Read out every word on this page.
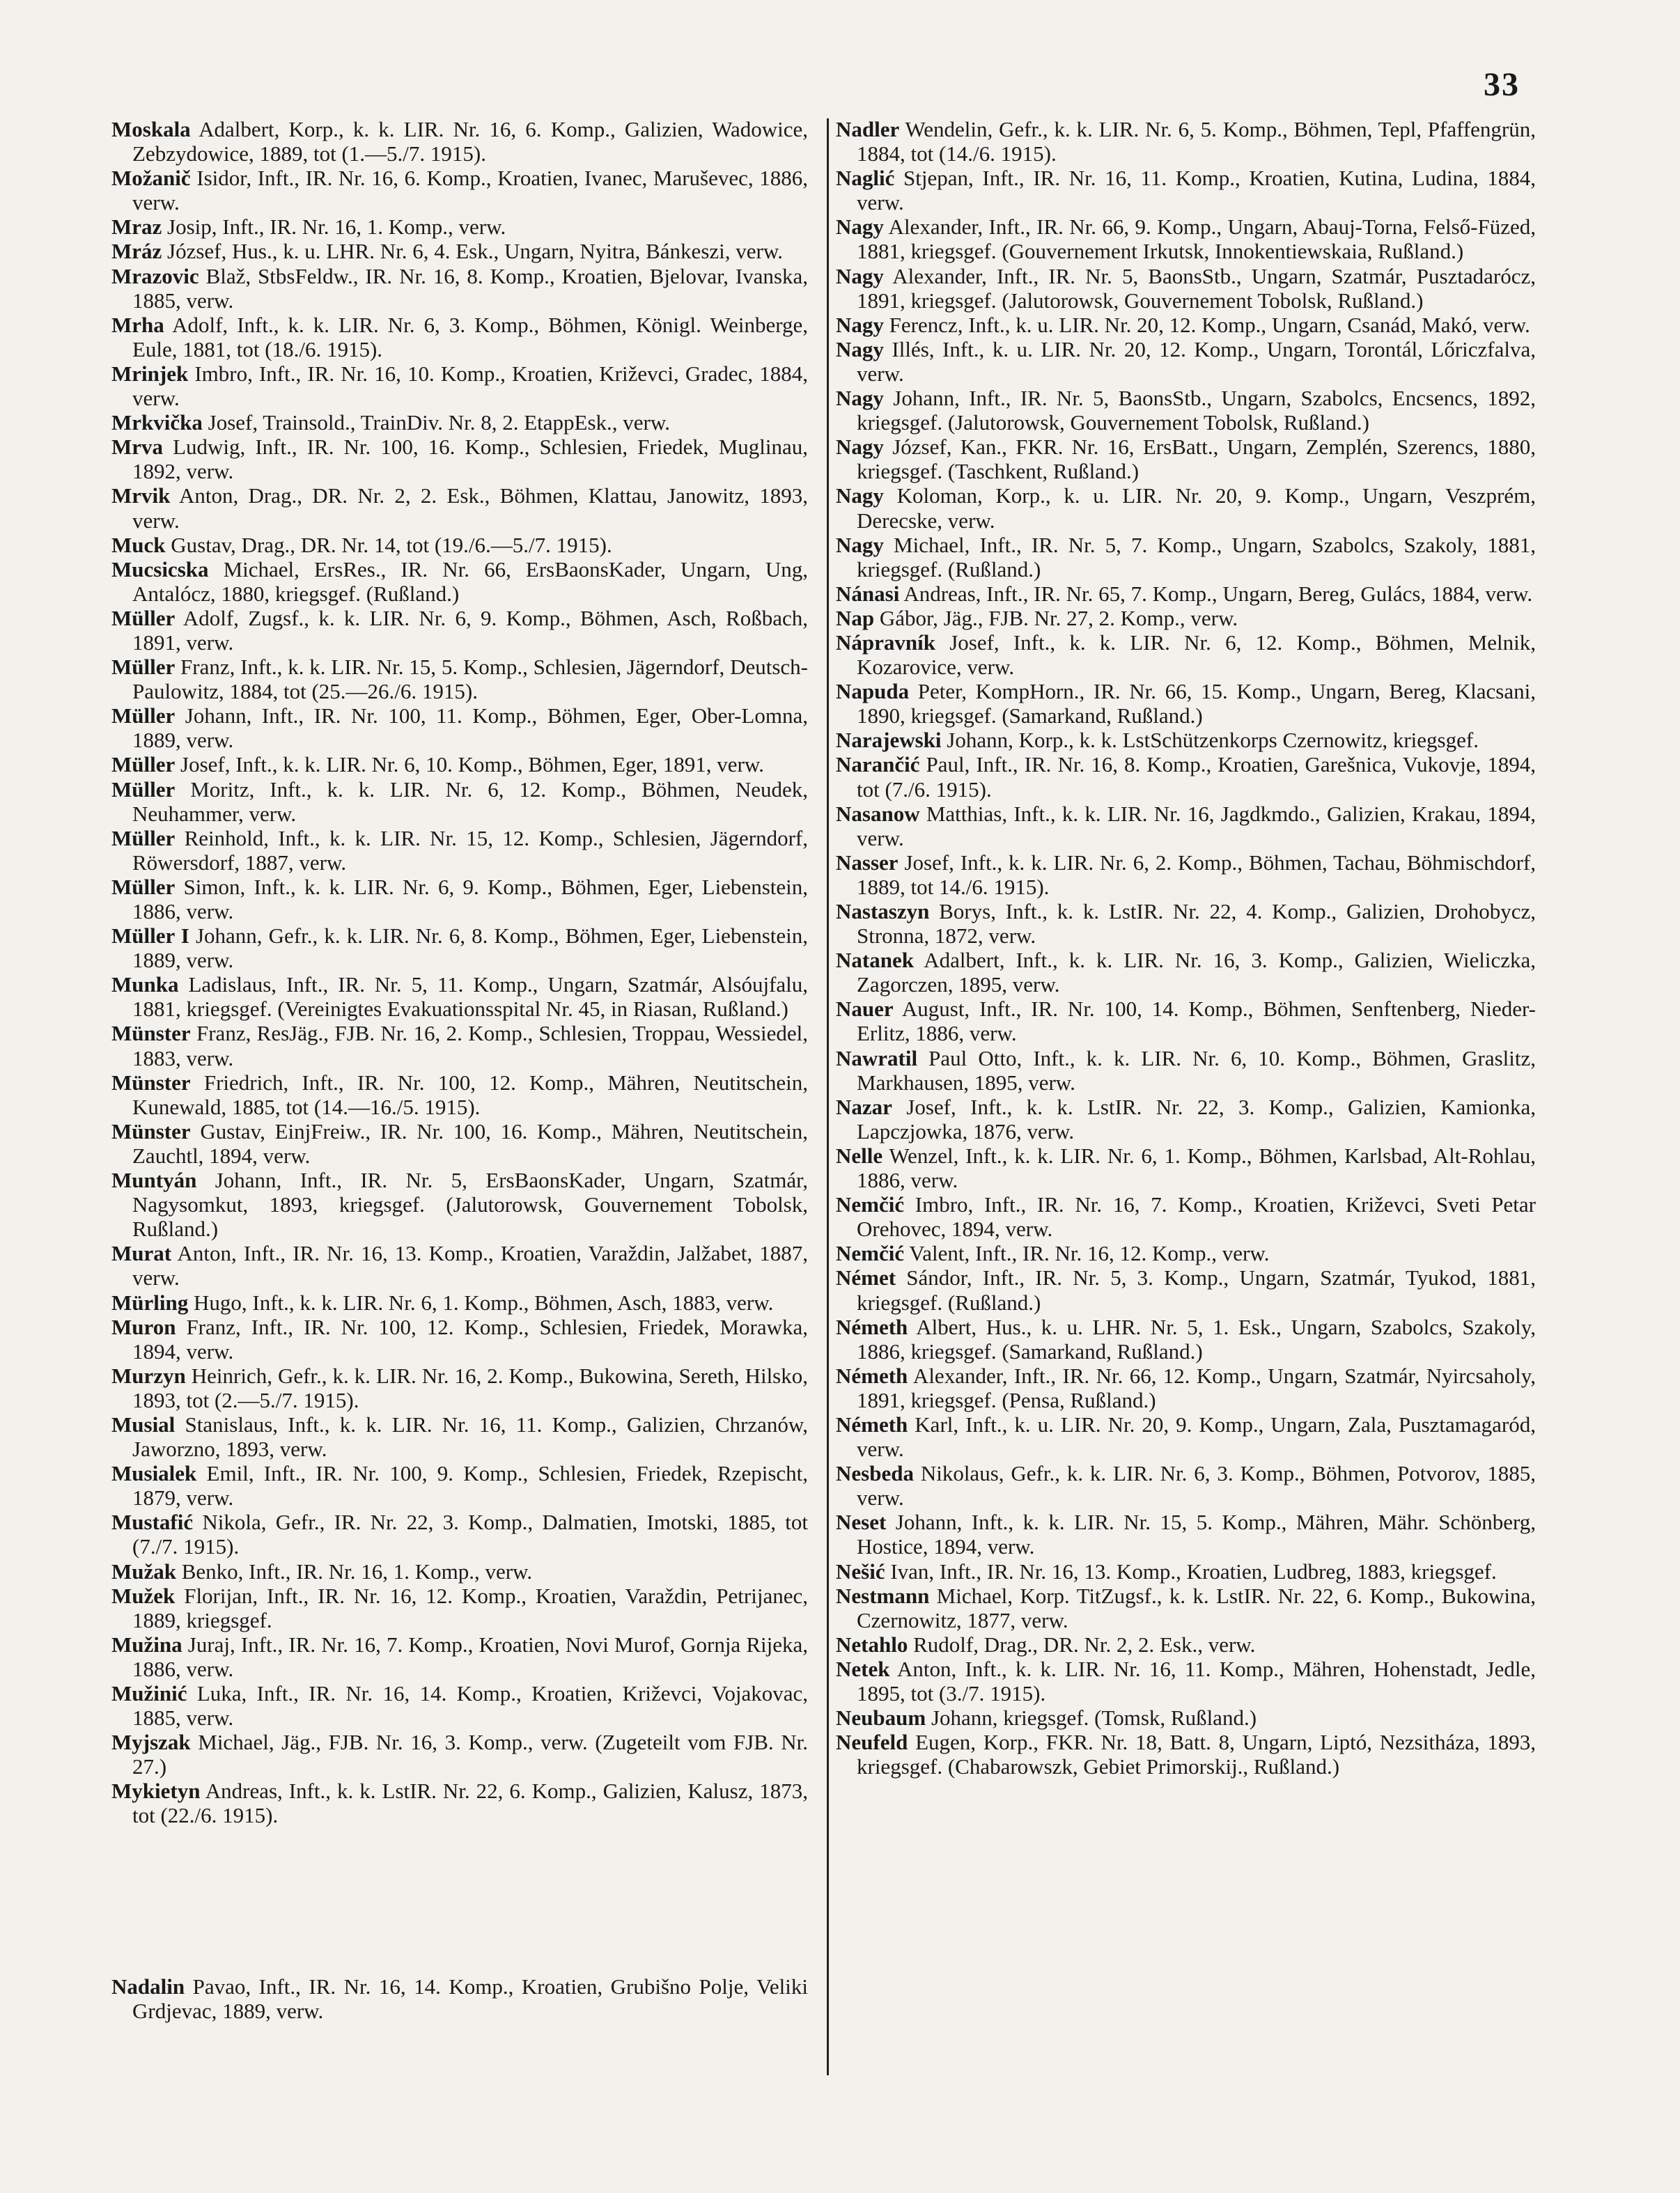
33

Moskala Adalbert, Korp., k. k. LIR. Nr. 16, 6. Komp., Galizien, Wadowice, Zebzydowice, 1889, tot (1.—5./7. 1915).

Možanič Isidor, Inft., IR. Nr. 16, 6. Komp., Kroatien, Ivanec, Maruševec, 1886, verw.

Mraz Josip, Inft., IR. Nr. 16, 1. Komp., verw.

Mráz József, Hus., k. u. LHR. Nr. 6, 4. Esk., Ungarn, Nyitra, Bánkeszi, verw.

Mrazovic Blaž, StbsFeldw., IR. Nr. 16, 8. Komp., Kroatien, Bjelovar, Ivanska, 1885, verw.

Mrha Adolf, Inft., k. k. LIR. Nr. 6, 3. Komp., Böhmen, Königl. Weinberge, Eule, 1881, tot (18./6. 1915).

Mrinjek Imbro, Inft., IR. Nr. 16, 10. Komp., Kroatien, Križevci, Gradec, 1884, verw.

Mrkvička Josef, Trainsold., TrainDiv. Nr. 8, 2. EtappEsk., verw.

Mrva Ludwig, Inft., IR. Nr. 100, 16. Komp., Schlesien, Friedek, Muglinau, 1892, verw.

Mrvik Anton, Drag., DR. Nr. 2, 2. Esk., Böhmen, Klattau, Janowitz, 1893, verw.

Muck Gustav, Drag., DR. Nr. 14, tot (19./6.—5./7. 1915).

Mucsicska Michael, ErsRes., IR. Nr. 66, ErsBaonsKader, Ungarn, Ung, Antalócz, 1880, kriegsgef. (Rußland.)

Müller Adolf, Zugsf., k. k. LIR. Nr. 6, 9. Komp., Böhmen, Asch, Roßbach, 1891, verw.

Müller Franz, Inft., k. k. LIR. Nr. 15, 5. Komp., Schlesien, Jägerndorf, Deutsch-Paulowitz, 1884, tot (25.—26./6. 1915).

Müller Johann, Inft., IR. Nr. 100, 11. Komp., Böhmen, Eger, Ober-Lomna, 1889, verw.

Müller Josef, Inft., k. k. LIR. Nr. 6, 10. Komp., Böhmen, Eger, 1891, verw.

Müller Moritz, Inft., k. k. LIR. Nr. 6, 12. Komp., Böhmen, Neudek, Neuhammer, verw.

Müller Reinhold, Inft., k. k. LIR. Nr. 15, 12. Komp., Schlesien, Jägerndorf, Röwersdorf, 1887, verw.

Müller Simon, Inft., k. k. LIR. Nr. 6, 9. Komp., Böhmen, Eger, Liebenstein, 1886, verw.

Müller I Johann, Gefr., k. k. LIR. Nr. 6, 8. Komp., Böhmen, Eger, Liebenstein, 1889, verw.

Munka Ladislaus, Inft., IR. Nr. 5, 11. Komp., Ungarn, Szatmár, Alsóujfalu, 1881, kriegsgef. (Vereinigtes Evakuationsspital Nr. 45, in Riasan, Rußland.)

Münster Franz, ResJäg., FJB. Nr. 16, 2. Komp., Schlesien, Troppau, Wessiedel, 1883, verw.

Münster Friedrich, Inft., IR. Nr. 100, 12. Komp., Mähren, Neutitschein, Kunewald, 1885, tot (14.—16./5. 1915).

Münster Gustav, EinjFreiw., IR. Nr. 100, 16. Komp., Mähren, Neutitschein, Zauchtl, 1894, verw.

Muntyán Johann, Inft., IR. Nr. 5, ErsBaonsKader, Ungarn, Szatmár, Nagysomkut, 1893, kriegsgef. (Jalutorowsk, Gouvernement Tobolsk, Rußland.)

Murat Anton, Inft., IR. Nr. 16, 13. Komp., Kroatien, Varaždin, Jalžabet, 1887, verw.

Mürling Hugo, Inft., k. k. LIR. Nr. 6, 1. Komp., Böhmen, Asch, 1883, verw.

Muron Franz, Inft., IR. Nr. 100, 12. Komp., Schlesien, Friedek, Morawka, 1894, verw.

Murzyn Heinrich, Gefr., k. k. LIR. Nr. 16, 2. Komp., Bukowina, Sereth, Hilsko, 1893, tot (2.—5./7. 1915).

Musial Stanislaus, Inft., k. k. LIR. Nr. 16, 11. Komp., Galizien, Chrzanów, Jaworzno, 1893, verw.

Musialek Emil, Inft., IR. Nr. 100, 9. Komp., Schlesien, Friedek, Rzepischt, 1879, verw.

Mustafić Nikola, Gefr., IR. Nr. 22, 3. Komp., Dalmatien, Imotski, 1885, tot (7./7. 1915).

Mužak Benko, Inft., IR. Nr. 16, 1. Komp., verw.

Mužek Florijan, Inft., IR. Nr. 16, 12. Komp., Kroatien, Varaždin, Petrijanec, 1889, kriegsgef.

Mužina Juraj, Inft., IR. Nr. 16, 7. Komp., Kroatien, Novi Murof, Gornja Rijeka, 1886, verw.

Mužinić Luka, Inft., IR. Nr. 16, 14. Komp., Kroatien, Križevci, Vojakovac, 1885, verw.

Myjszak Michael, Jäg., FJB. Nr. 16, 3. Komp., verw. (Zugeteilt vom FJB. Nr. 27.)

Mykietyn Andreas, Inft., k. k. LstIR. Nr. 22, 6. Komp., Galizien, Kalusz, 1873, tot (22./6. 1915).

Nadalin Pavao, Inft., IR. Nr. 16, 14. Komp., Kroatien, Grubišno Polje, Veliki Grdjevac, 1889, verw.

Nadler Wendelin, Gefr., k. k. LIR. Nr. 6, 5. Komp., Böhmen, Tepl, Pfaffengrün, 1884, tot (14./6. 1915).

Naglić Stjepan, Inft., IR. Nr. 16, 11. Komp., Kroatien, Kutina, Ludina, 1884, verw.

Nagy Alexander, Inft., IR. Nr. 66, 9. Komp., Ungarn, Abauj-Torna, Felső-Füzed, 1881, kriegsgef. (Gouvernement Irkutsk, Innokentiewskaia, Rußland.)

Nagy Alexander, Inft., IR. Nr. 5, BaonsStb., Ungarn, Szatmár, Pusztadarócz, 1891, kriegsgef. (Jalutorowsk, Gouvernement Tobolsk, Rußland.)

Nagy Ferencz, Inft., k. u. LIR. Nr. 20, 12. Komp., Ungarn, Csanád, Makó, verw.

Nagy Illés, Inft., k. u. LIR. Nr. 20, 12. Komp., Ungarn, Torontál, Lőriczfalva, verw.

Nagy Johann, Inft., IR. Nr. 5, BaonsStb., Ungarn, Szabolcs, Encsencs, 1892, kriegsgef. (Jalutorowsk, Gouvernement Tobolsk, Rußland.)

Nagy József, Kan., FKR. Nr. 16, ErsBatt., Ungarn, Zemplén, Szerencs, 1880, kriegsgef. (Taschkent, Rußland.)

Nagy Koloman, Korp., k. u. LIR. Nr. 20, 9. Komp., Ungarn, Veszprém, Derecske, verw.

Nagy Michael, Inft., IR. Nr. 5, 7. Komp., Ungarn, Szabolcs, Szakoly, 1881, kriegsgef. (Rußland.)

Nánasi Andreas, Inft., IR. Nr. 65, 7. Komp., Ungarn, Bereg, Gulács, 1884, verw.

Nap Gábor, Jäg., FJB. Nr. 27, 2. Komp., verw.

Nápravník Josef, Inft., k. k. LIR. Nr. 6, 12. Komp., Böhmen, Melnik, Kozarovice, verw.

Napuda Peter, KompHorn., IR. Nr. 66, 15. Komp., Ungarn, Bereg, Klacsani, 1890, kriegsgef. (Samarkand, Rußland.)

Narajewski Johann, Korp., k. k. LstSchützenkorps Czernowitz, kriegsgef.

Narančić Paul, Inft., IR. Nr. 16, 8. Komp., Kroatien, Garešnica, Vukovje, 1894, tot (7./6. 1915).

Nasanow Matthias, Inft., k. k. LIR. Nr. 16, Jagdkmdo., Galizien, Krakau, 1894, verw.

Nasser Josef, Inft., k. k. LIR. Nr. 6, 2. Komp., Böhmen, Tachau, Böhmischdorf, 1889, tot 14./6. 1915).

Nastaszyn Borys, Inft., k. k. LstIR. Nr. 22, 4. Komp., Galizien, Drohobycz, Stronna, 1872, verw.

Natanek Adalbert, Inft., k. k. LIR. Nr. 16, 3. Komp., Galizien, Wieliczka, Zagorczen, 1895, verw.

Nauer August, Inft., IR. Nr. 100, 14. Komp., Böhmen, Senftenberg, Nieder-Erlitz, 1886, verw.

Nawratil Paul Otto, Inft., k. k. LIR. Nr. 6, 10. Komp., Böhmen, Graslitz, Markhausen, 1895, verw.

Nazar Josef, Inft., k. k. LstIR. Nr. 22, 3. Komp., Galizien, Kamionka, Lapczjowka, 1876, verw.

Nelle Wenzel, Inft., k. k. LIR. Nr. 6, 1. Komp., Böhmen, Karlsbad, Alt-Rohlau, 1886, verw.

Nemčić Imbro, Inft., IR. Nr. 16, 7. Komp., Kroatien, Križevci, Sveti Petar Orehovec, 1894, verw.

Nemčić Valent, Inft., IR. Nr. 16, 12. Komp., verw.

Német Sándor, Inft., IR. Nr. 5, 3. Komp., Ungarn, Szatmár, Tyukod, 1881, kriegsgef. (Rußland.)

Németh Albert, Hus., k. u. LHR. Nr. 5, 1. Esk., Ungarn, Szabolcs, Szakoly, 1886, kriegsgef. (Samarkand, Rußland.)

Németh Alexander, Inft., IR. Nr. 66, 12. Komp., Ungarn, Szatmár, Nyircsaholy, 1891, kriegsgef. (Pensa, Rußland.)

Németh Karl, Inft., k. u. LIR. Nr. 20, 9. Komp., Ungarn, Zala, Pusztamagaród, verw.

Nesbeda Nikolaus, Gefr., k. k. LIR. Nr. 6, 3. Komp., Böhmen, Potvorov, 1885, verw.

Neset Johann, Inft., k. k. LIR. Nr. 15, 5. Komp., Mähren, Mähr. Schönberg, Hostice, 1894, verw.

Nešić Ivan, Inft., IR. Nr. 16, 13. Komp., Kroatien, Ludbreg, 1883, kriegsgef.

Nestmann Michael, Korp. TitZugsf., k. k. LstIR. Nr. 22, 6. Komp., Bukowina, Czernowitz, 1877, verw.

Netahlo Rudolf, Drag., DR. Nr. 2, 2. Esk., verw.

Netek Anton, Inft., k. k. LIR. Nr. 16, 11. Komp., Mähren, Hohenstadt, Jedle, 1895, tot (3./7. 1915).

Neubaum Johann, kriegsgef. (Tomsk, Rußland.)

Neufeld Eugen, Korp., FKR. Nr. 18, Batt. 8, Ungarn, Liptó, Nezsitháza, 1893, kriegsgef. (Chabarowszk, Gebiet Primorskij., Rußland.)
